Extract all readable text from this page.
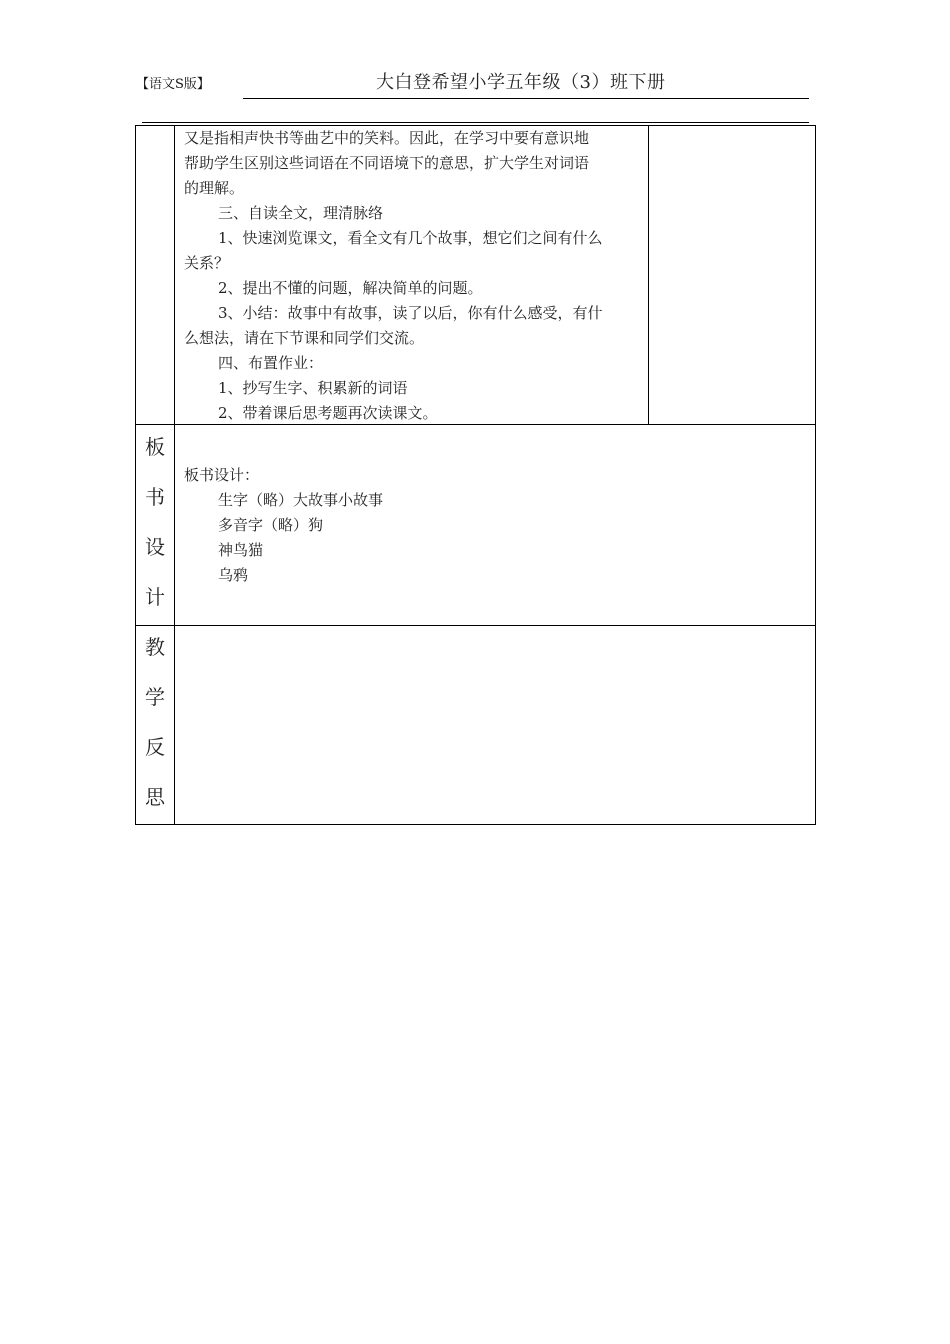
【语文S版】	大白登希望小学五年级（3）班下册
又是指相声快书等曲艺中的笑料。因此，在学习中要有意识地
帮助学生区别这些词语在不同语境下的意思，扩大学生对词语
的理解。
三、自读全文，理清脉络
1、快速浏览课文，看全文有几个故事，想它们之间有什么
关系？
2、提出不懂的问题，解决简单的问题。
3、小结：故事中有故事，读了以后，你有什么感受，有什
么想法，请在下节课和同学们交流。
四、布置作业：
1、抄写生字、积累新的词语
2、带着课后思考题再次读课文。
板
书
设
计
板书设计：
生字（略）大故事小故事
多音字（略）狗
神鸟猫
乌鸦
教
学
反
思
